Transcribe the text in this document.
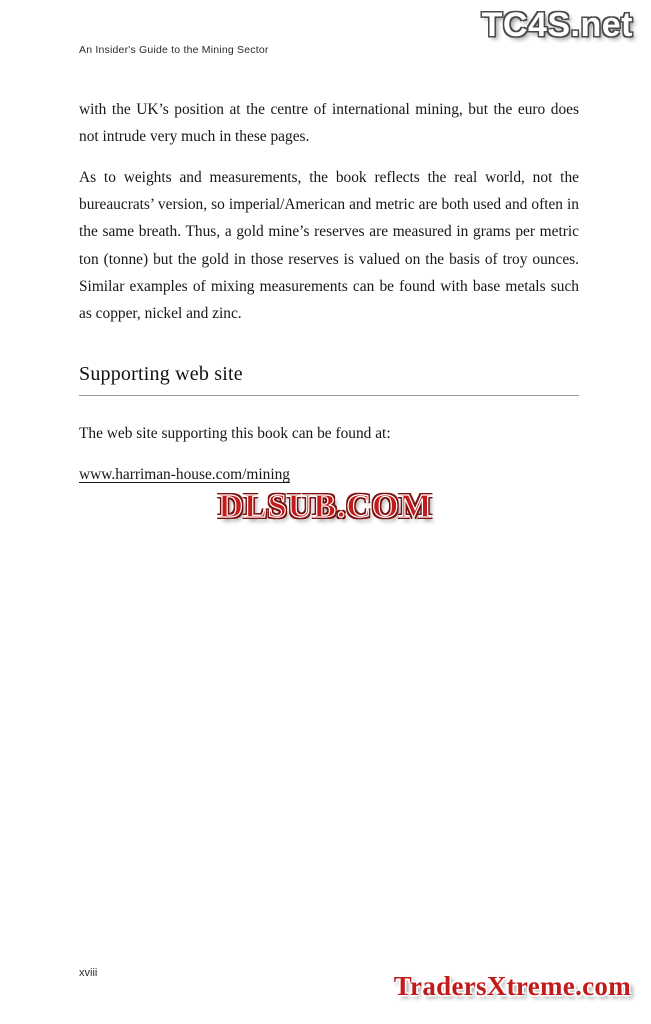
TC4S.net
An Insider's Guide to the Mining Sector

with the UK’s position at the centre of international mining, but the euro does not intrude very much in these pages.

As to weights and measurements, the book reflects the real world, not the bureaucrats’ version, so imperial/American and metric are both used and often in the same breath. Thus, a gold mine’s reserves are measured in grams per metric ton (tonne) but the gold in those reserves is valued on the basis of troy ounces. Similar examples of mixing measurements can be found with base metals such as copper, nickel and zinc.

Supporting web site

The web site supporting this book can be found at:

www.harriman-house.com/mining
DLSUB.COM
xviii	TradersXtreme.com
